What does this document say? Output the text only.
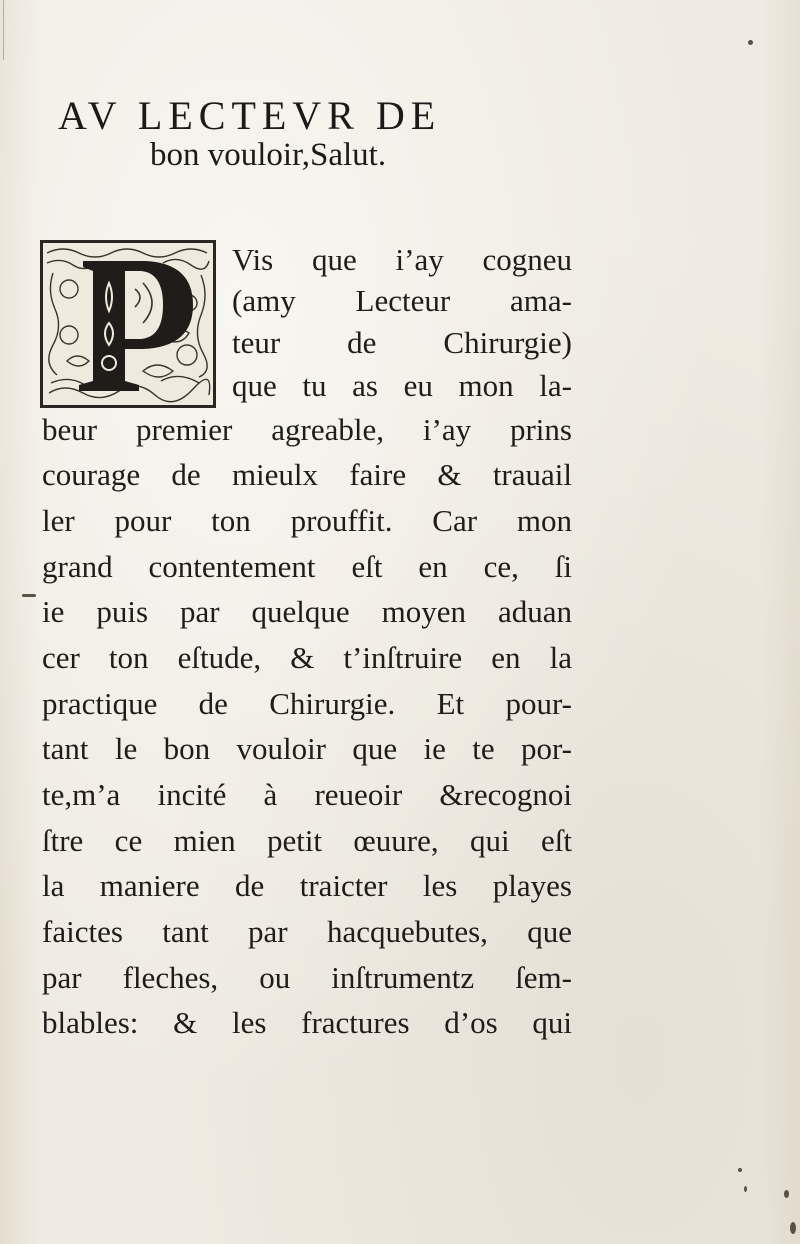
AV LECTEVR DE
bon vouloir,Salut.
Vis que i’ay cogneu
(amy Lecteur ama-
teur de Chirurgie)
que tu as eu mon la-
beur premier agreable, i’ay prins
courage de mieulx faire & trauail
ler pour ton prouffit. Car mon
grand contentement eſt en ce, ſi
ie puis par quelque moyen aduan
cer ton eſtude, & t’inſtruire en la
practique de Chirurgie. Et pour-
tant le bon vouloir que ie te por-
te,m’a incité à reueoir &recognoi
ſtre ce mien petit œuure, qui eſt
la maniere de traicter les playes
faictes tant par hacquebutes, que
par fleches, ou inſtrumentz ſem-
blables: & les fractures d’os qui
